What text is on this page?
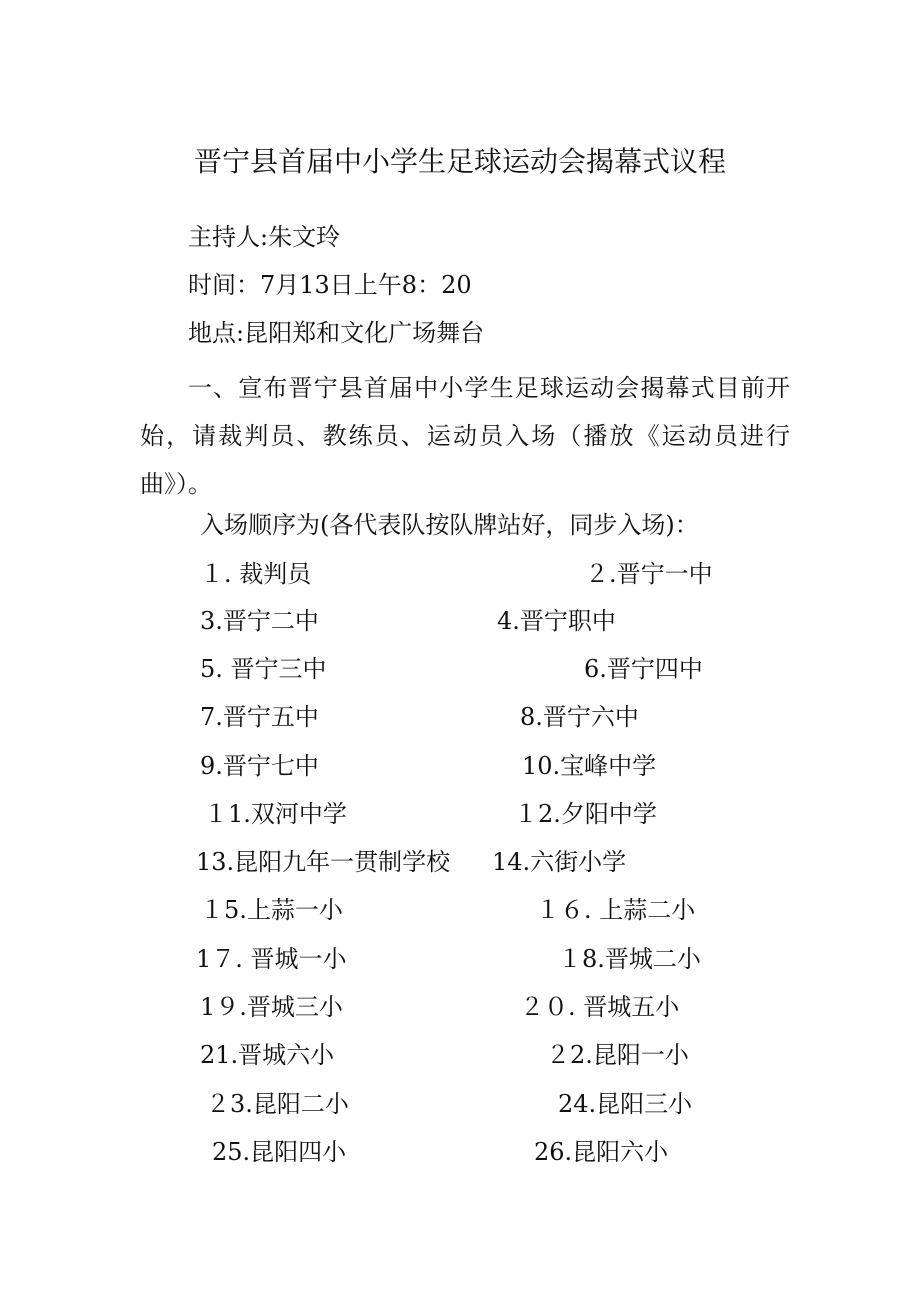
晋宁县首届中小学生足球运动会揭幕式议程
主持人:朱文玲
时间：7月13日上午8：20
地点:昆阳郑和文化广场舞台
一、宣布晋宁县首届中小学生足球运动会揭幕式目前开始，请裁判员、教练员、运动员入场（播放《运动员进行曲》）。
入场顺序为(各代表队按队牌站好，同步入场)：
１. 裁判员	２.晋宁一中
3.晋宁二中	4.晋宁职中
5. 晋宁三中	6.晋宁四中
7.晋宁五中	8.晋宁六中
9.晋宁七中	10.宝峰中学
１1.双河中学	１2.夕阳中学
13.昆阳九年一贯制学校 14.六街小学
１5.上蒜一小	１６. 上蒜二小
1７. 晋城一小	１8.晋城二小
1９.晋城三小	２０. 晋城五小
21.晋城六小	２2.昆阳一小
２3.昆阳二小	24.昆阳三小
25.昆阳四小	26.昆阳六小
